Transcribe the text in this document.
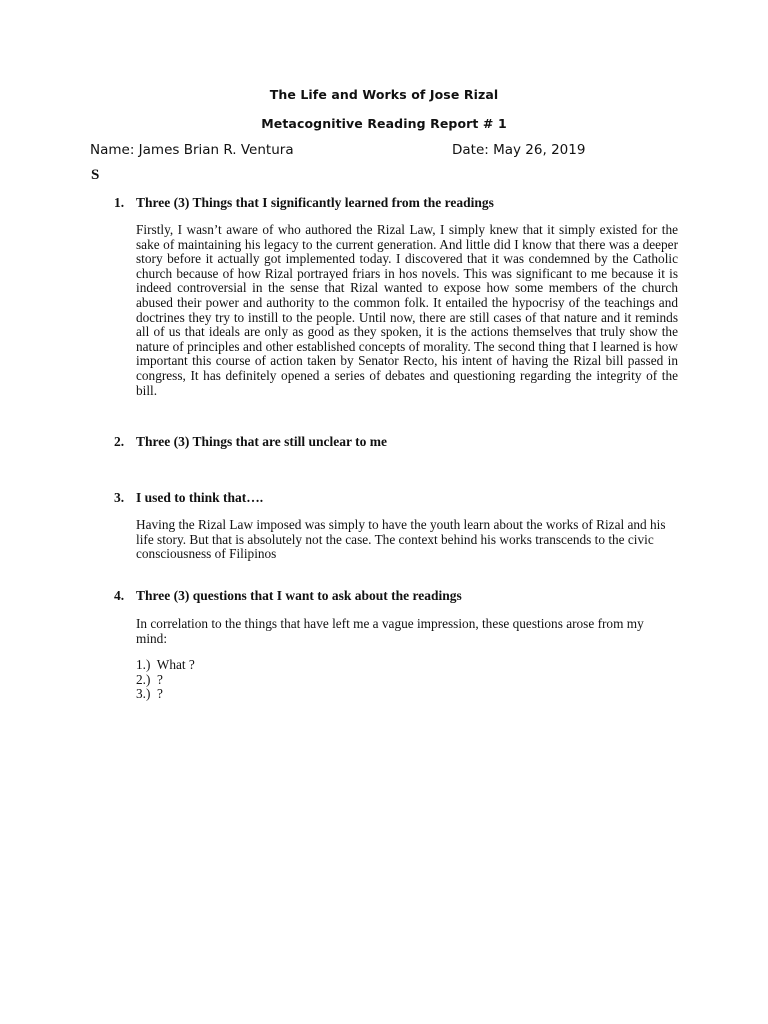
The Life and Works of Jose Rizal
Metacognitive Reading Report # 1
Name: James Brian R. Ventura	Date: May 26, 2019
S
1. Three (3) Things that I significantly learned from the readings

Firstly, I wasn’t aware of who authored the Rizal Law, I simply knew that it simply existed for the sake of maintaining his legacy to the current generation. And little did I know that there was a deeper story before it actually got implemented today. I discovered that it was condemned by the Catholic church because of how Rizal portrayed friars in hos novels. This was significant to me because it is indeed controversial in the sense that Rizal wanted to expose how some members of the church abused their power and authority to the common folk. It entailed the hypocrisy of the teachings and doctrines they try to instill to the people. Until now, there are still cases of that nature and it reminds all of us that ideals are only as good as they spoken, it is the actions themselves that truly show the nature of principles and other established concepts of morality. The second thing that I learned is how important this course of action taken by Senator Recto, his intent of having the Rizal bill passed in congress, It has definitely opened a series of debates and questioning regarding the integrity of the bill.

2. Three (3) Things that are still unclear to me
3. I used to think that….

Having the Rizal Law imposed was simply to have the youth learn about the works of Rizal and his life story. But that is absolutely not the case. The context behind his works transcends to the civic consciousness of Filipinos

4. Three (3) questions that I want to ask about the readings

In correlation to the things that have left me a vague impression, these questions arose from my mind:

1.)  What ?
2.)  ?
3.)  ?
